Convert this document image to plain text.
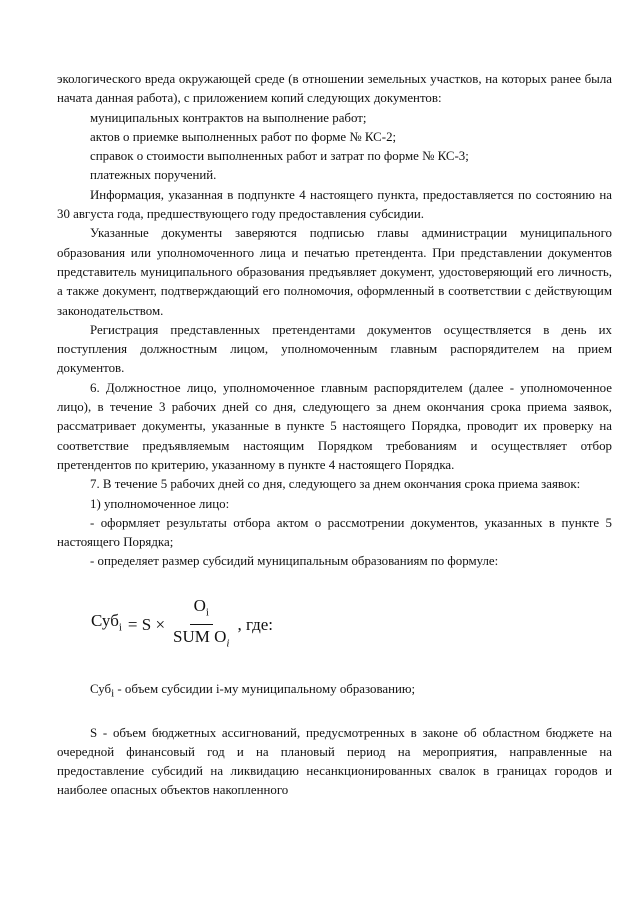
экологического вреда окружающей среде (в отношении земельных участков, на которых ранее была начата данная работа), с приложением копий следующих документов:

муниципальных контрактов на выполнение работ;

актов о приемке выполненных работ по форме № КС-2;

справок о стоимости выполненных работ и затрат по форме № КС-3;

платежных поручений.

Информация, указанная в подпункте 4 настоящего пункта, предоставляется по состоянию на 30 августа года, предшествующего году предоставления субсидии.

Указанные документы заверяются подписью главы администрации муниципального образования или уполномоченного лица и печатью претендента. При представлении документов представитель муниципального образования предъявляет документ, удостоверяющий его личность, а также документ, подтверждающий его полномочия, оформленный в соответствии с действующим законодательством.

Регистрация представленных претендентами документов осуществляется в день их поступления должностным лицом, уполномоченным главным распорядителем на прием документов.

6. Должностное лицо, уполномоченное главным распорядителем (далее - уполномоченное лицо), в течение 3 рабочих дней со дня, следующего за днем окончания срока приема заявок, рассматривает документы, указанные в пункте 5 настоящего Порядка, проводит их проверку на соответствие предъявляемым настоящим Порядком требованиям и осуществляет отбор претендентов по критерию, указанному в пункте 4 настоящего Порядка.

7. В течение 5 рабочих дней со дня, следующего за днем окончания срока приема заявок:

1) уполномоченное лицо:

- оформляет результаты отбора актом о рассмотрении документов, указанных в пункте 5 настоящего Порядка;

- определяет размер субсидий муниципальным образованиям по формуле:

$Суб_i = S \times \frac{O_i}{SUM O_i}$ , где:

Суб$_i$ - объем субсидии i-му муниципальному образованию;

S - объем бюджетных ассигнований, предусмотренных в законе об областном бюджете на очередной финансовый год и на плановый период на мероприятия, направленные на предоставление субсидий на ликвидацию несанкционированных свалок в границах городов и наиболее опасных объектов накопленного
